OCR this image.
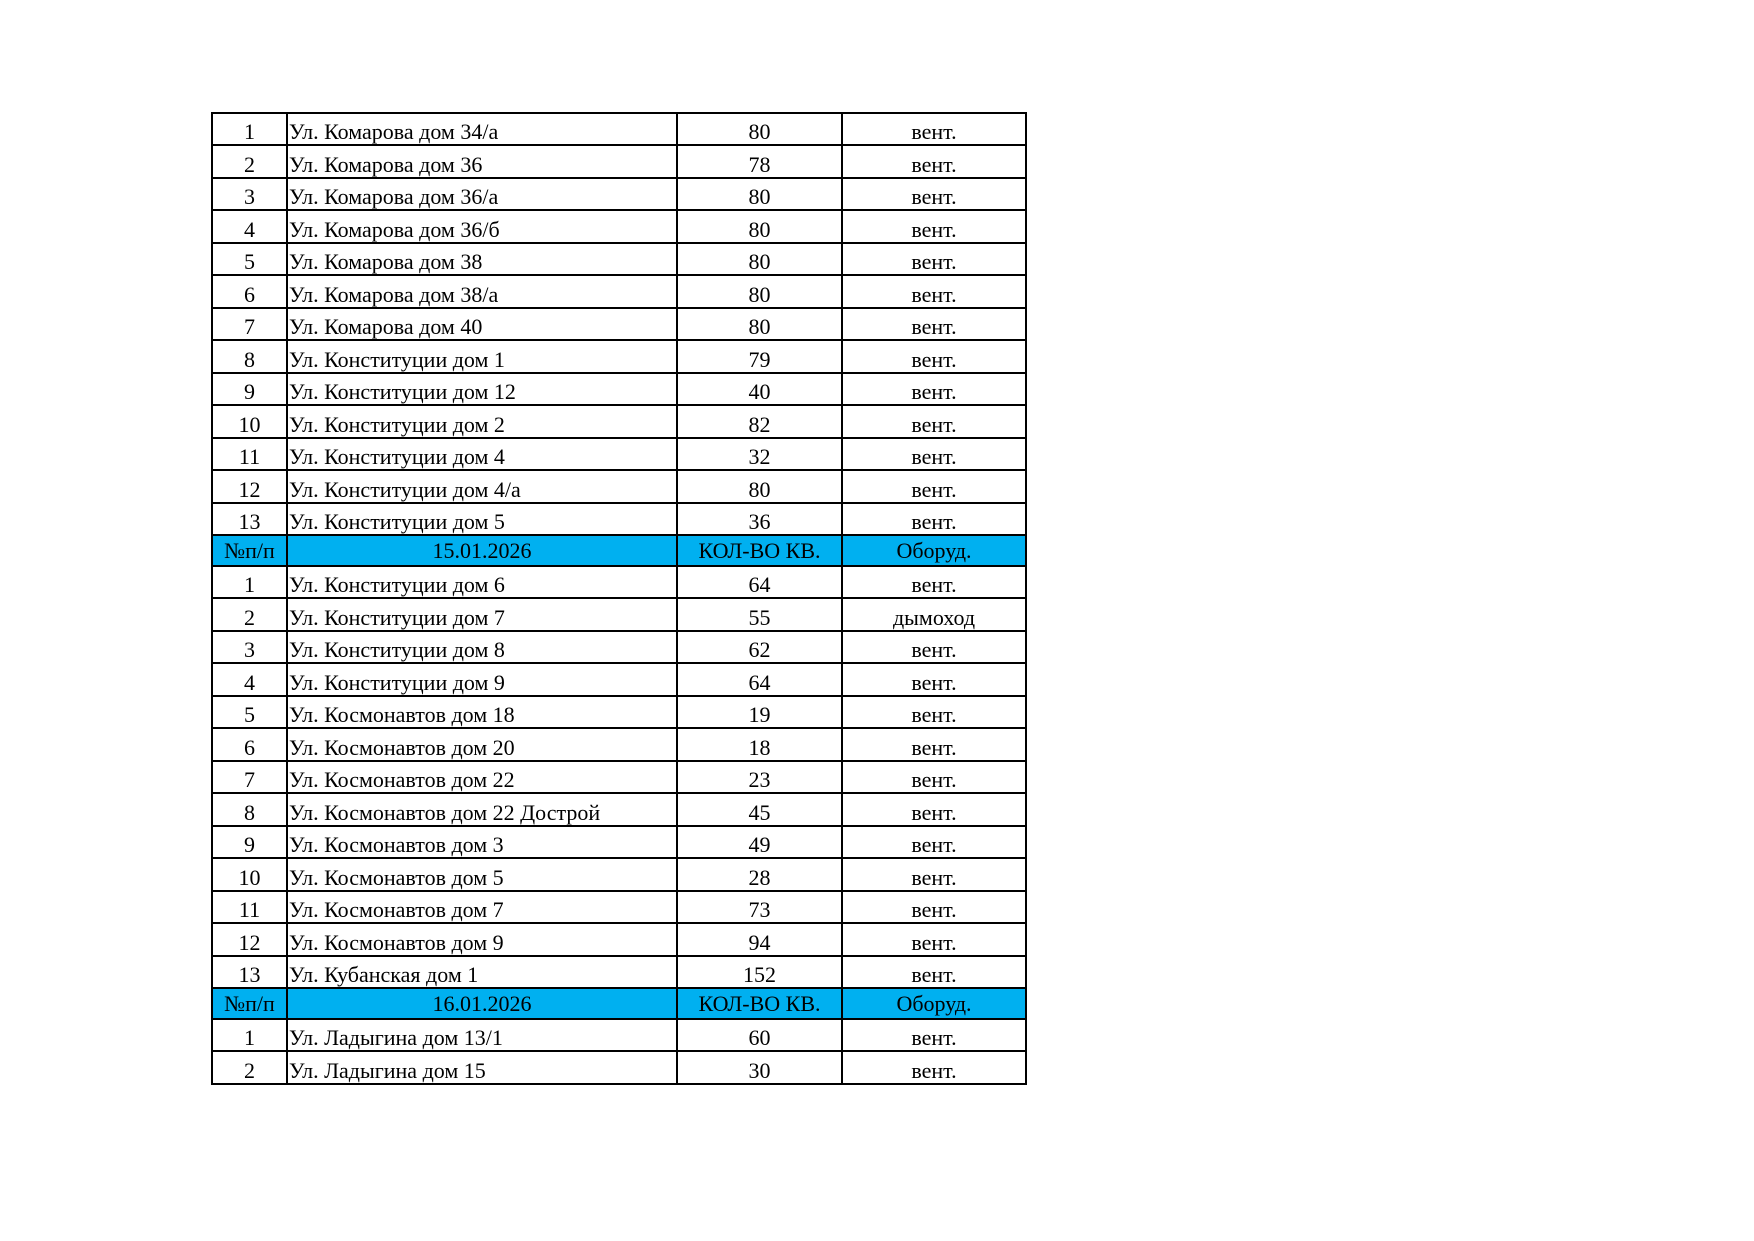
1	Ул. Комарова дом 34/а	80	вент.
2	Ул. Комарова дом 36	78	вент.
3	Ул. Комарова дом 36/а	80	вент.
4	Ул. Комарова дом 36/б	80	вент.
5	Ул. Комарова дом 38	80	вент.
6	Ул. Комарова дом 38/а	80	вент.
7	Ул. Комарова дом 40	80	вент.
8	Ул. Конституции дом 1	79	вент.
9	Ул. Конституции дом 12	40	вент.
10	Ул. Конституции дом 2	82	вент.
11	Ул. Конституции дом 4	32	вент.
12	Ул. Конституции дом 4/а	80	вент.
13	Ул. Конституции дом 5	36	вент.
№п/п	15.01.2026	КОЛ-ВО КВ.	Оборуд.
1	Ул. Конституции дом 6	64	вент.
2	Ул. Конституции дом 7	55	дымоход
3	Ул. Конституции дом 8	62	вент.
4	Ул. Конституции дом 9	64	вент.
5	Ул. Космонавтов дом 18	19	вент.
6	Ул. Космонавтов дом 20	18	вент.
7	Ул. Космонавтов дом 22	23	вент.
8	Ул. Космонавтов дом 22 Дострой	45	вент.
9	Ул. Космонавтов дом 3	49	вент.
10	Ул. Космонавтов дом 5	28	вент.
11	Ул. Космонавтов дом 7	73	вент.
12	Ул. Космонавтов дом 9	94	вент.
13	Ул. Кубанская дом 1	152	вент.
№п/п	16.01.2026	КОЛ-ВО КВ.	Оборуд.
1	Ул. Ладыгина дом 13/1	60	вент.
2	Ул. Ладыгина дом 15	30	вент.
